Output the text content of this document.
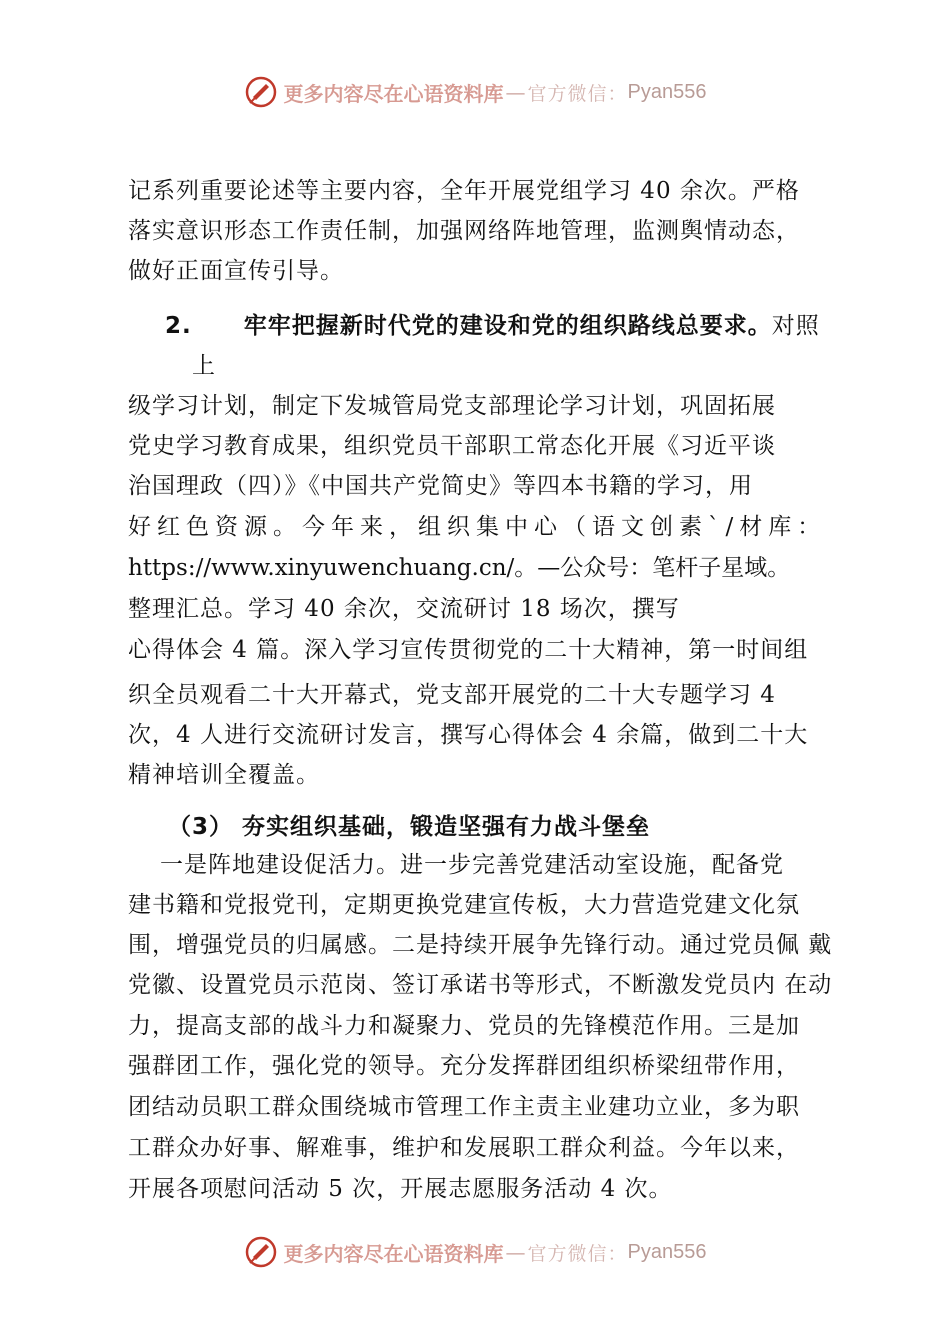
更多内容尽在心语资料库 — 官方微信： Pyan556
记系列重要论述等主要内容，全年开展党组学习 40 余次。严格
落实意识形态工作责任制，加强网络阵地管理，监测舆情动态，
做好正面宣传引导。
2. 牢牢把握新时代党的建设和党的组织路线总要求。对照
上
级学习计划，制定下发城管局党支部理论学习计划，巩固拓展
党史学习教育成果，组织党员干部职工常态化开展《习近平谈
治国理政（四）》《中国共产党简史》等四本书籍的学习，用
好红色资源。今年来，组织集中心（语文创素`/材库：
https://www.xinyuwenchuang.cn/。—公众号：笔杆子星域。
整理汇总。学习 40 余次，交流研讨 18 场次，撰写
心得体会 4 篇。深入学习宣传贯彻党的二十大精神，第一时间组
织全员观看二十大开幕式，党支部开展党的二十大专题学习 4
次，4 人进行交流研讨发言，撰写心得体会 4 余篇，做到二十大
精神培训全覆盖。
（3） 夯实组织基础，锻造坚强有力战斗堡垒
一是阵地建设促活力。进一步完善党建活动室设施，配备党
建书籍和党报党刊，定期更换党建宣传板，大力营造党建文化氛
围，增强党员的归属感。二是持续开展争先锋行动。通过党员佩 戴
党徽、设置党员示范岗、签订承诺书等形式，不断激发党员内 在动
力，提高支部的战斗力和凝聚力、党员的先锋模范作用。三是加
强群团工作，强化党的领导。充分发挥群团组织桥梁纽带作用，
团结动员职工群众围绕城市管理工作主责主业建功立业，多为职
工群众办好事、解难事，维护和发展职工群众利益。今年以来，
开展各项慰问活动 5 次，开展志愿服务活动 4 次。
更多内容尽在心语资料库 — 官方微信： Pyan556
